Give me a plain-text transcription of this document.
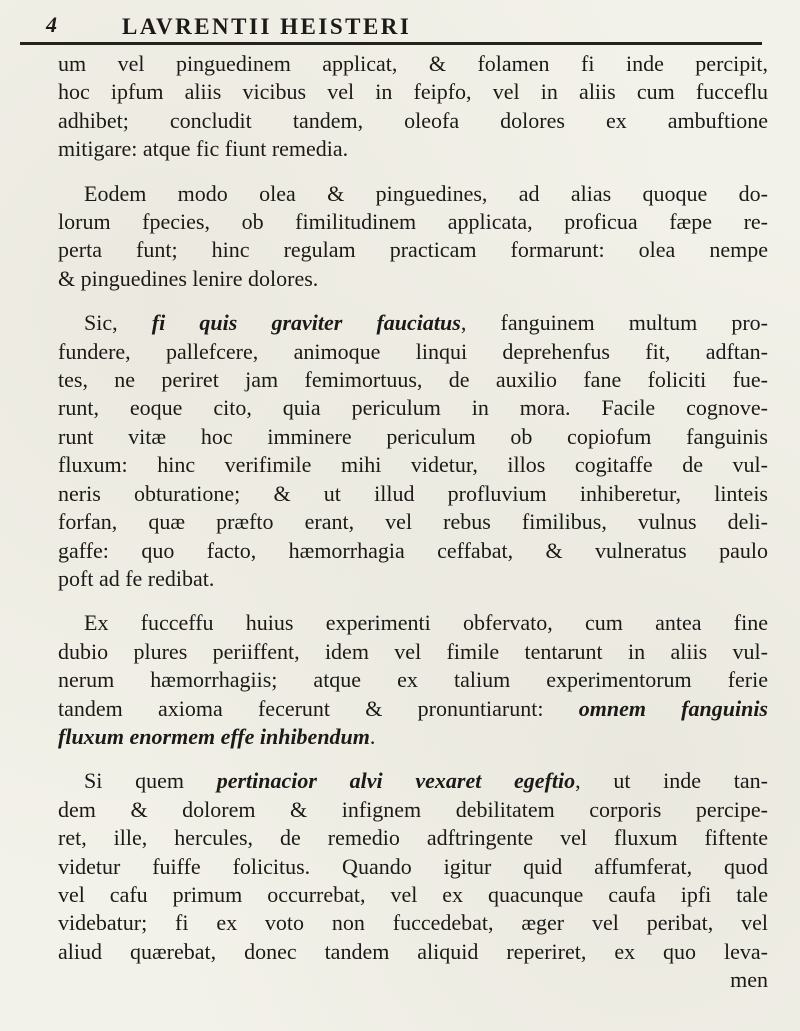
4	LAVRENTII HEISTERI

um vel pinguedinem applicat, & folamen fi inde percipit,
hoc ipfum aliis vicibus vel in feipfo, vel in aliis cum fucceflu
adhibet; concludit tandem, oleofa dolores ex ambuftione
mitigare: atque fic fiunt remedia.

Eodem modo olea & pinguedines, ad alias quoque do-
lorum fpecies, ob fimilitudinem applicata, proficua fæpe re-
perta funt; hinc regulam practicam formarunt: olea nempe
& pinguedines lenire dolores.

Sic, fi quis graviter fauciatus, fanguinem multum pro-
fundere, pallefcere, animoque linqui deprehenfus fit, adftan-
tes, ne periret jam femimortuus, de auxilio fane foliciti fue-
runt, eoque cito, quia periculum in mora. Facile cognove-
runt vitæ hoc imminere periculum ob copiofum fanguinis
fluxum: hinc verifimile mihi videtur, illos cogitaffe de vul-
neris obturatione; & ut illud profluvium inhiberetur, linteis
forfan, quæ præfto erant, vel rebus fimilibus, vulnus deli-
gaffe: quo facto, hæmorrhagia ceffabat, & vulneratus paulo
poft ad fe redibat.

Ex fucceffu huius experimenti obfervato, cum antea fine
dubio plures periiffent, idem vel fimile tentarunt in aliis vul-
nerum hæmorrhagiis; atque ex talium experimentorum ferie
tandem axioma fecerunt & pronuntiarunt: omnem fanguinis
fluxum enormem effe inhibendum.

Si quem pertinacior alvi vexaret egeftio, ut inde tan-
dem & dolorem & infignem debilitatem corporis percipe-
ret, ille, hercules, de remedio adftringente vel fluxum fiftente
videtur fuiffe folicitus. Quando igitur quid affumferat, quod
vel cafu primum occurrebat, vel ex quacunque caufa ipfi tale
videbatur; fi ex voto non fuccedebat, æger vel peribat, vel
aliud quærebat, donec tandem aliquid reperiret, ex quo leva-
men
